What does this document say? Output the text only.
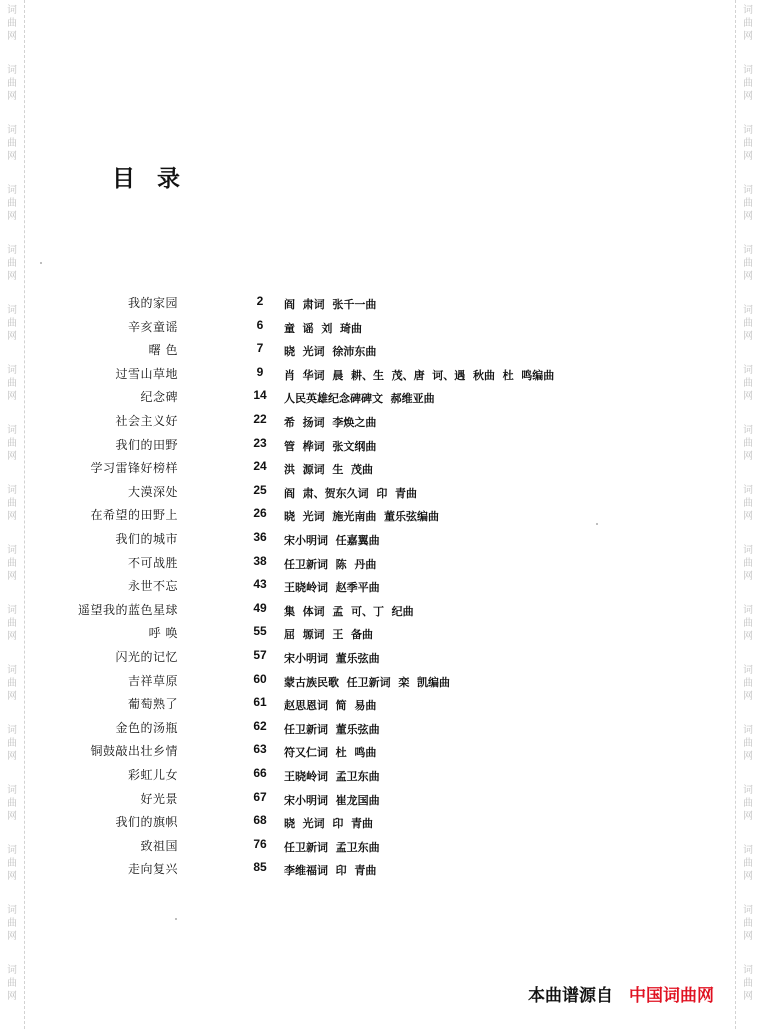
词
曲
网
词
曲
网
词
曲
网
词
曲
网
词
曲
网
词
曲
网
词
曲
网
词
曲
网
词
曲
网
词
曲
网
词
曲
网
词
曲
网
词
曲
网
词
曲
网
词
曲
网
词
曲
网
词
曲
网
词
曲
网
词
曲
网
词
曲
网
词
曲
网
词
曲
网
词
曲
网
词
曲
网
词
曲
网
词
曲
网
词
曲
网
词
曲
网
词
曲
网
词
曲
网
词
曲
网
词
曲
网
词
曲
网
词
曲
网
目录
我的家园	2	阎  肃词  张千一曲
辛亥童谣	6	童  谣  刘  琦曲
曙 色	7	晓  光词  徐沛东曲
过雪山草地	9	肖  华词  晨  耕、生  茂、唐  诃、遇  秋曲  杜  鸣编曲
纪念碑	14	人民英雄纪念碑碑文  郝维亚曲
社会主义好	22	希  扬词  李焕之曲
我们的田野	23	管  桦词  张文纲曲
学习雷锋好榜样	24	洪  源词  生  茂曲
大漠深处	25	阎  肃、贺东久词  印  青曲
在希望的田野上	26	晓  光词  施光南曲  董乐弦编曲
我们的城市	36	宋小明词  任嘉翼曲
不可战胜	38	任卫新词  陈  丹曲
永世不忘	43	王晓岭词  赵季平曲
遥望我的蓝色星球	49	集  体词  孟  可、丁  纪曲
呼 唤	55	屈  塬词  王  备曲
闪光的记忆	57	宋小明词  董乐弦曲
吉祥草原	60	蒙古族民歌  任卫新词  栾  凯编曲
葡萄熟了	61	赵思恩词  简  易曲
金色的汤瓶	62	任卫新词  董乐弦曲
铜鼓敲出壮乡情	63	符又仁词  杜  鸣曲
彩虹儿女	66	王晓岭词  孟卫东曲
好光景	67	宋小明词  崔龙国曲
我们的旗帜	68	晓  光词  印  青曲
致祖国	76	任卫新词  孟卫东曲
走向复兴	85	李维福词  印  青曲
本曲谱源自 中国词曲网
